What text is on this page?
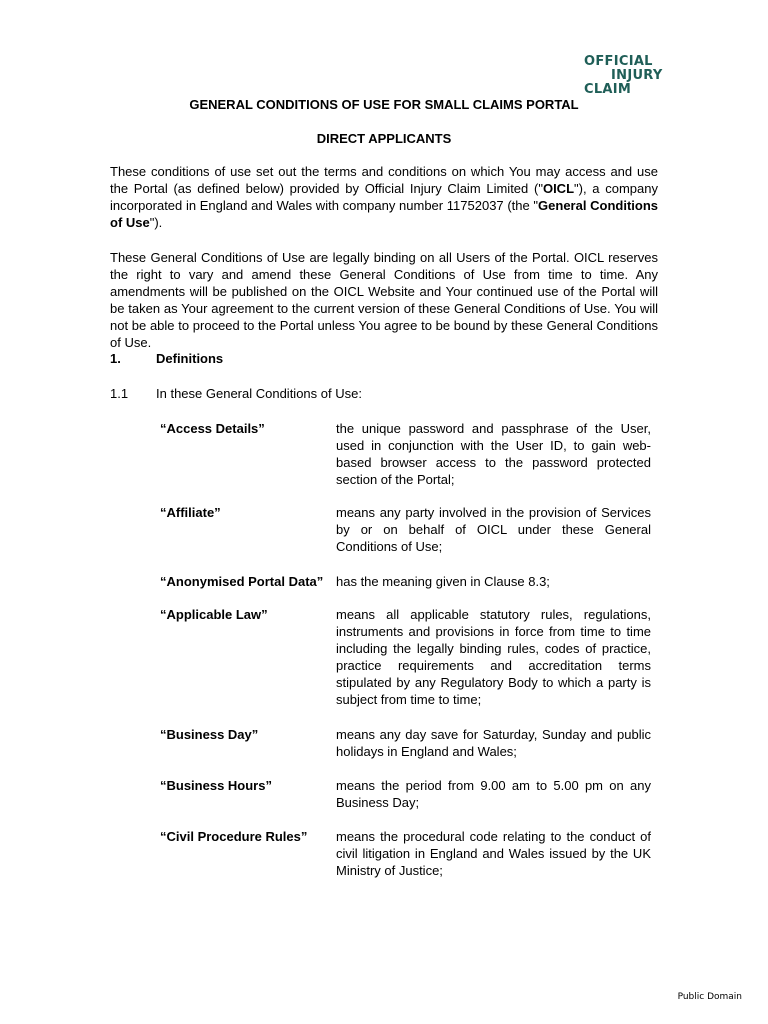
OFFICIAL
INJURY
CLAIM
GENERAL CONDITIONS OF USE FOR SMALL CLAIMS PORTAL
DIRECT APPLICANTS

These conditions of use set out the terms and conditions on which You may access and use the Portal (as defined below) provided by Official Injury Claim Limited ("OICL"), a company incorporated in England and Wales with company number 11752037 (the "General Conditions of Use").

These General Conditions of Use are legally binding on all Users of the Portal. OICL reserves the right to vary and amend these General Conditions of Use from time to time. Any amendments will be published on the OICL Website and Your continued use of the Portal will be taken as Your agreement to the current version of these General Conditions of Use. You will not be able to proceed to the Portal unless You agree to be bound by these General Conditions of Use.

1.	Definitions
1.1 In these General Conditions of Use:
“Access Details”	the unique password and passphrase of the User, used in conjunction with the User ID, to gain web-based browser access to the password protected section of the Portal;
“Affiliate”	means any party involved in the provision of Services by or on behalf of OICL under these General Conditions of Use;
“Anonymised Portal Data” has the meaning given in Clause 8.3;
“Applicable Law”	means all applicable statutory rules, regulations, instruments and provisions in force from time to time including the legally binding rules, codes of practice, practice requirements and accreditation terms stipulated by any Regulatory Body to which a party is subject from time to time;
“Business Day”	means any day save for Saturday, Sunday and public holidays in England and Wales;
“Business Hours”	means the period from 9.00 am to 5.00 pm on any Business Day;
“Civil Procedure Rules”	means the procedural code relating to the conduct of civil litigation in England and Wales issued by the UK Ministry of Justice;
Public Domain
